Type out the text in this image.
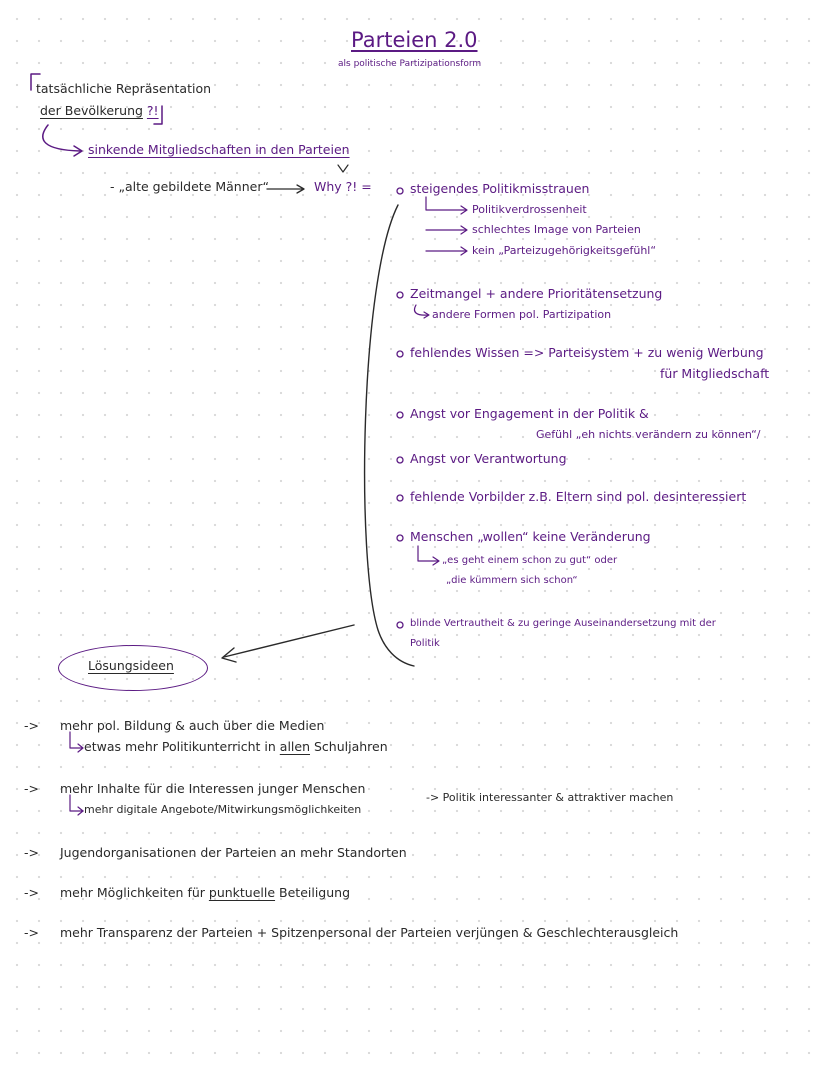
Parteien 2.0
als politische Partizipationsform
tatsächliche Repräsentation
der Bevölkerung ?!
sinkende Mitgliedschaften in den Parteien
- „alte gebildete Männer“	Why ?! =	steigendes Politikmisstrauen
Politikverdrossenheit
schlechtes Image von Parteien
kein „Parteizugehörigkeitsgefühl“
Zeitmangel + andere Prioritätensetzung
andere Formen pol. Partizipation
fehlendes Wissen => Parteisystem + zu wenig Werbung
für Mitgliedschaft
Angst vor Engagement in der Politik &
Gefühl „eh nichts verändern zu können“/
Angst vor Verantwortung
fehlende Vorbilder z.B. Eltern sind pol. desinteressiert
Menschen „wollen“ keine Veränderung
„es geht einem schon zu gut“ oder
„die kümmern sich schon“
blinde Vertrautheit & zu geringe Auseinandersetzung mit der
Politik
Lösungsideen
-> mehr pol. Bildung & auch über die Medien
etwas mehr Politikunterricht in allen Schuljahren
-> mehr Inhalte für die Interessen junger Menschen
mehr digitale Angebote/Mitwirkungsmöglichkeiten
-> Politik interessanter & attraktiver machen
-> Jugendorganisationen der Parteien an mehr Standorten
-> mehr Möglichkeiten für punktuelle Beteiligung
-> mehr Transparenz der Parteien + Spitzenpersonal der Parteien verjüngen & Geschlechterausgleich
